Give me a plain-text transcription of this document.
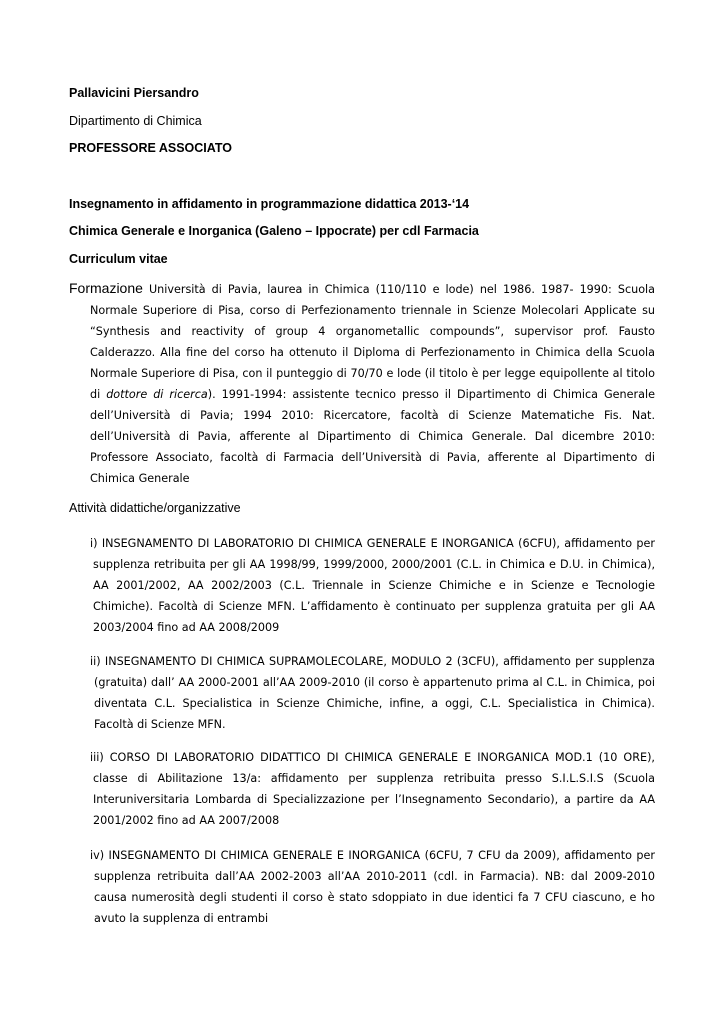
Pallavicini Piersandro
Dipartimento di Chimica
PROFESSORE ASSOCIATO
Insegnamento in affidamento in programmazione didattica 2013-‘14
Chimica Generale e Inorganica (Galeno – Ippocrate) per cdl Farmacia
Curriculum vitae
Formazione Università di Pavia, laurea in Chimica (110/110 e lode) nel 1986. 1987- 1990: Scuola Normale Superiore di Pisa, corso di Perfezionamento triennale in Scienze Molecolari Applicate su “Synthesis and reactivity of group 4 organometallic compounds”, supervisor prof. Fausto Calderazzo. Alla fine del corso ha ottenuto il Diploma di Perfezionamento in Chimica della Scuola Normale Superiore di Pisa, con il punteggio di 70/70 e lode (il titolo è per legge equipollente al titolo di dottore di ricerca). 1991-1994: assistente tecnico presso il Dipartimento di Chimica Generale dell’Università di Pavia; 1994 2010: Ricercatore, facoltà di Scienze Matematiche Fis. Nat. dell’Università di Pavia, afferente al Dipartimento di Chimica Generale. Dal dicembre 2010: Professore Associato, facoltà di Farmacia dell’Università di Pavia, afferente al Dipartimento di Chimica Generale
Attività didattiche/organizzative
i) INSEGNAMENTO DI LABORATORIO DI CHIMICA GENERALE E INORGANICA (6CFU), affidamento per supplenza retribuita per gli AA 1998/99, 1999/2000, 2000/2001 (C.L. in Chimica e D.U. in Chimica), AA 2001/2002, AA 2002/2003 (C.L. Triennale in Scienze Chimiche e in Scienze e Tecnologie Chimiche). Facoltà di Scienze MFN. L’affidamento è continuato per supplenza gratuita per gli AA 2003/2004 fino ad AA 2008/2009
ii) INSEGNAMENTO DI CHIMICA SUPRAMOLECOLARE, MODULO 2 (3CFU), affidamento per supplenza (gratuita) dall’ AA 2000-2001 all’AA 2009-2010 (il corso è appartenuto prima al C.L. in Chimica, poi diventata C.L. Specialistica in Scienze Chimiche, infine, a oggi, C.L. Specialistica in Chimica). Facoltà di Scienze MFN.
iii) CORSO DI LABORATORIO DIDATTICO DI CHIMICA GENERALE E INORGANICA MOD.1 (10 ORE), classe di Abilitazione 13/a: affidamento per supplenza retribuita presso S.I.L.S.I.S (Scuola Interuniversitaria Lombarda di Specializzazione per l’Insegnamento Secondario), a partire da AA 2001/2002 fino ad AA 2007/2008
iv) INSEGNAMENTO DI CHIMICA GENERALE E INORGANICA (6CFU, 7 CFU da 2009), affidamento per supplenza retribuita dall’AA 2002-2003 all’AA 2010-2011 (cdl. in Farmacia). NB: dal 2009-2010 causa numerosità degli studenti il corso è stato sdoppiato in due identici fa 7 CFU ciascuno, e ho avuto la supplenza di entrambi
